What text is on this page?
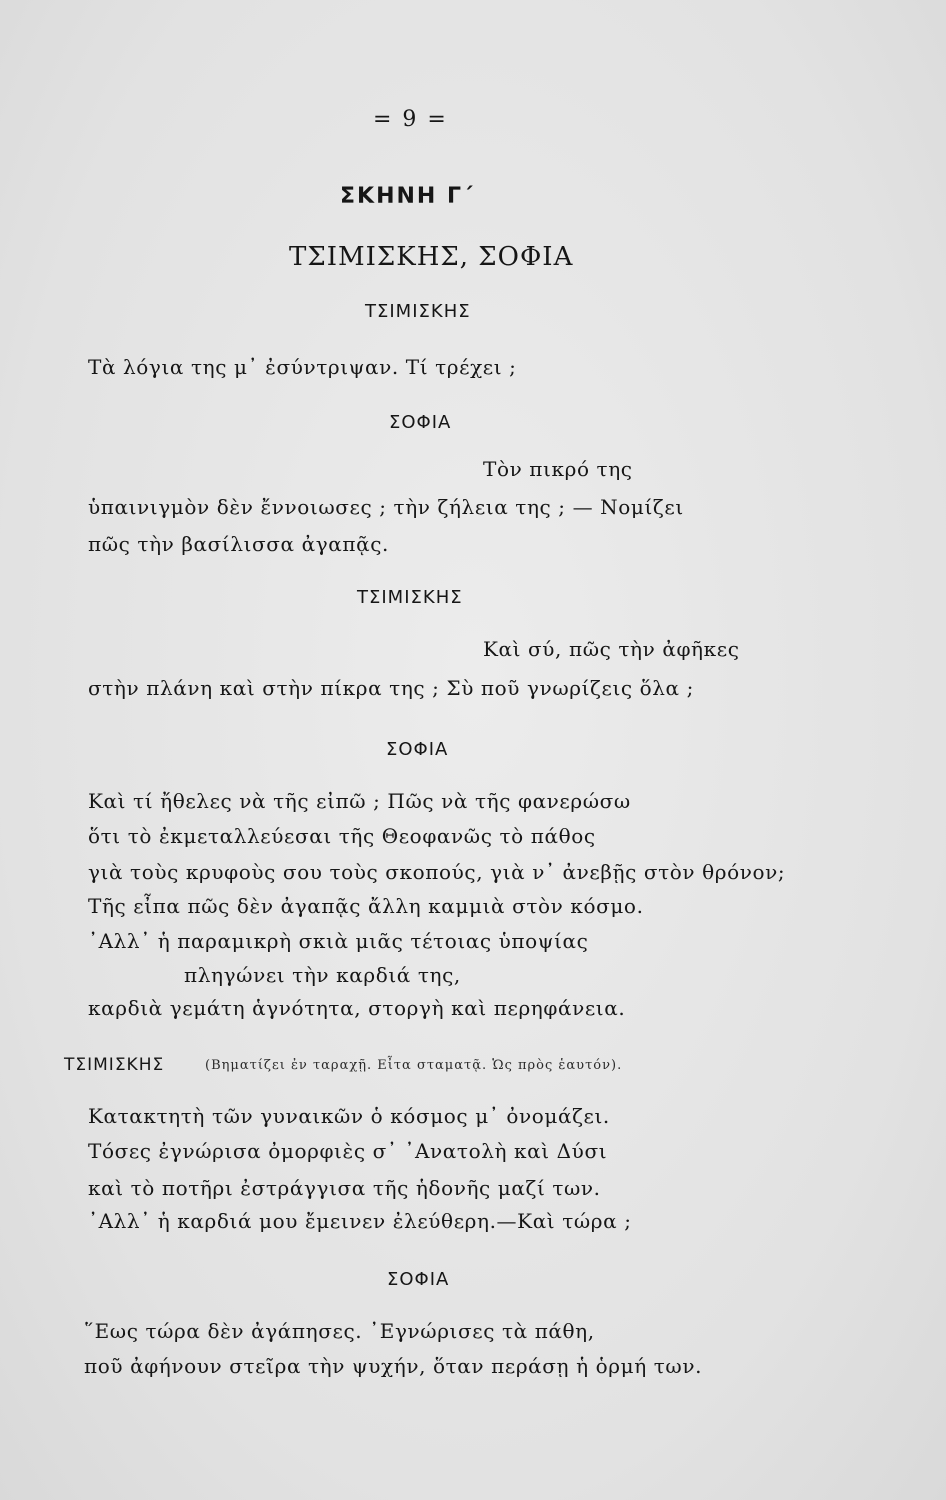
= 9 =
ΣΚΗΝΗ Γ΄
ΤΣΙΜΙΣΚΗΣ, ΣΟΦΙΑ
ΤΣΙΜΙΣΚΗΣ
Τὰ λόγια της μ᾽ ἐσύντριψαν. Τί τρέχει ;
ΣΟΦΙΑ
Τὸν πικρό της
ὑπαινιγμὸν δὲν ἔννοιωσες ; τὴν ζήλεια της ; — Νομίζει
πῶς τὴν βασίλισσα ἀγαπᾷς.
ΤΣΙΜΙΣΚΗΣ
Καὶ σύ, πῶς τὴν ἀφῆκες
στὴν πλάνη καὶ στὴν πίκρα της ; Σὺ ποῦ γνωρίζεις ὅλα ;
ΣΟΦΙΑ
Καὶ τί ἤθελες νὰ τῆς εἰπῶ ; Πῶς νὰ τῆς φανερώσω
ὅτι τὸ ἐκμεταλλεύεσαι τῆς Θεοφανῶς τὸ πάθος
γιὰ τοὺς κρυφοὺς σου τοὺς σκοπούς, γιὰ ν᾽ ἀνεβῇς στὸν θρόνον;
Τῆς εἶπα πῶς δὲν ἀγαπᾷς ἄλλη καμμιὰ στὸν κόσμο.
᾽Αλλ᾽ ἡ παραμικρὴ σκιὰ μιᾶς τέτοιας ὑποψίας
πληγώνει τὴν καρδιά της,
καρδιὰ γεμάτη ἁγνότητα, στοργὴ καὶ περηφάνεια.
ΤΣΙΜΙΣΚΗΣ	(Βηματίζει ἐν ταραχῇ. Εἶτα σταματᾷ. Ὡς πρὸς ἑαυτόν).
Κατακτητὴ τῶν γυναικῶν ὁ κόσμος μ᾽ ὀνομάζει.
Τόσες ἐγνώρισα ὀμορφιὲς σ᾽ ᾽Ανατολὴ καὶ Δύσι
καὶ τὸ ποτῆρι ἐστράγγισα τῆς ἡδονῆς μαζί των.
᾽Αλλ᾽ ἡ καρδιά μου ἔμεινεν ἐλεύθερη.—Καὶ τώρα ;
ΣΟΦΙΑ
῞Εως τώρα δὲν ἀγάπησες. ᾽Εγνώρισες τὰ πάθη,
ποῦ ἀφήνουν στεῖρα τὴν ψυχήν, ὅταν περάσῃ ἡ ὁρμή των.
